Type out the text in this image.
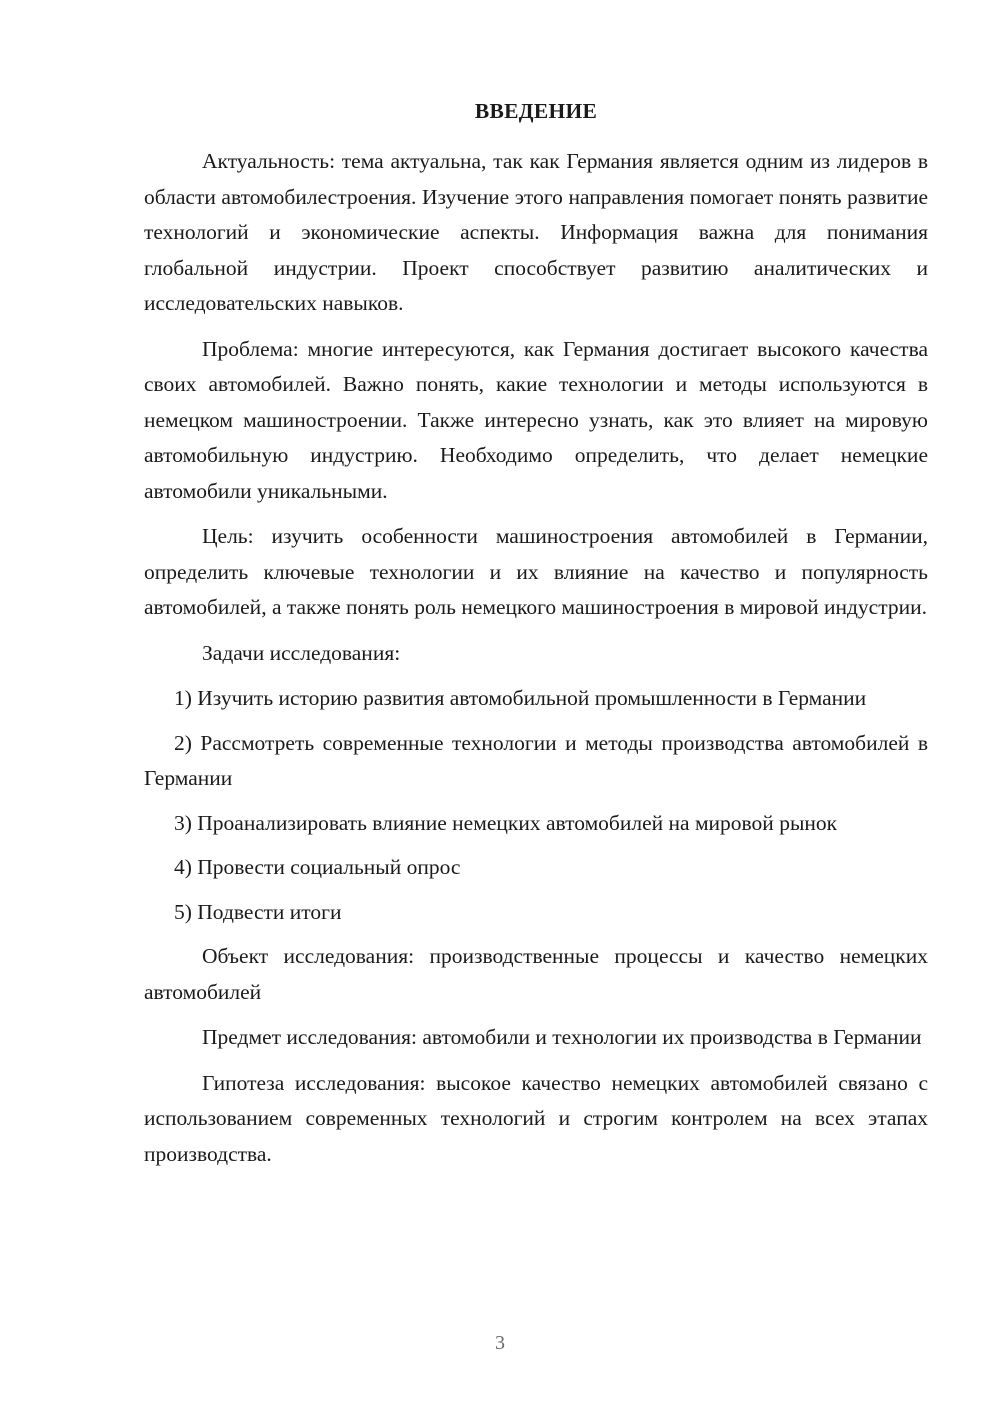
ВВЕДЕНИЕ

Актуальность: тема актуальна, так как Германия является одним из лидеров в области автомобилестроения. Изучение этого направления помогает понять развитие технологий и экономические аспекты. Информация важна для понимания глобальной индустрии. Проект способствует развитию аналитических и исследовательских навыков.

Проблема: многие интересуются, как Германия достигает высокого качества своих автомобилей. Важно понять, какие технологии и методы используются в немецком машиностроении. Также интересно узнать, как это влияет на мировую автомобильную индустрию. Необходимо определить, что делает немецкие автомобили уникальными.

Цель: изучить особенности машиностроения автомобилей в Германии, определить ключевые технологии и их влияние на качество и популярность автомобилей, а также понять роль немецкого машиностроения в мировой индустрии.

Задачи исследования:

1) Изучить историю развития автомобильной промышленности в Германии

2) Рассмотреть современные технологии и методы производства автомобилей в Германии

3) Проанализировать влияние немецких автомобилей на мировой рынок

4) Провести социальный опрос

5) Подвести итоги

Объект исследования: производственные процессы и качество немецких автомобилей

Предмет исследования: автомобили и технологии их производства в Германии

Гипотеза исследования: высокое качество немецких автомобилей связано с использованием современных технологий и строгим контролем на всех этапах производства.

3
